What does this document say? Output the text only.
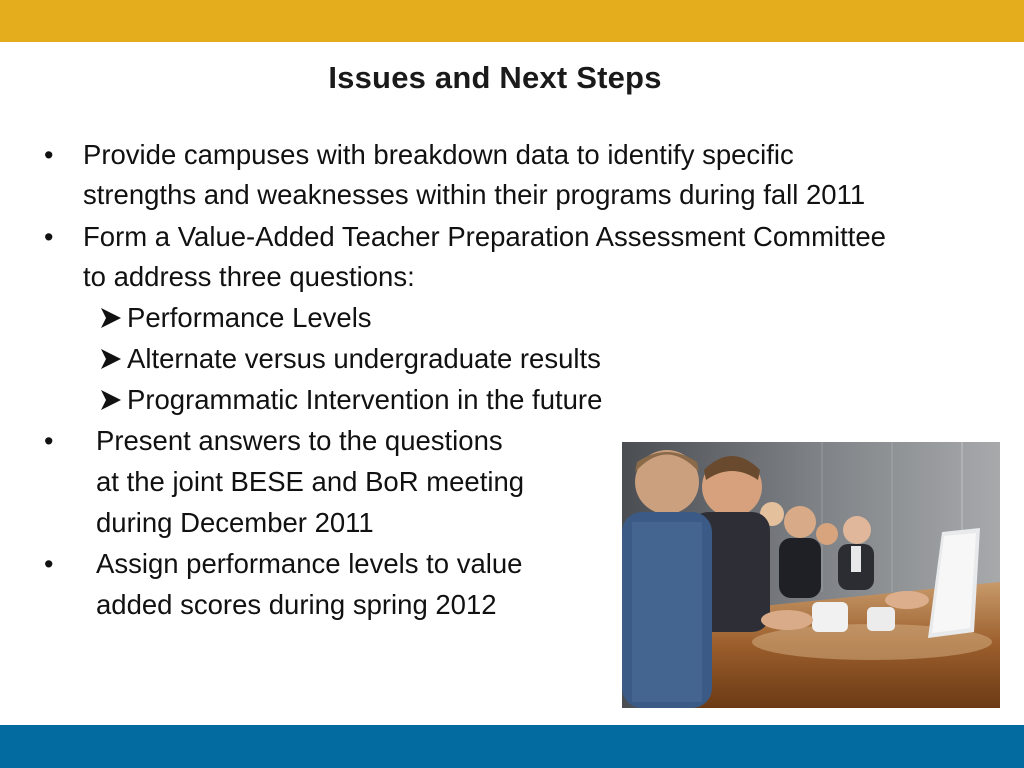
Issues and Next Steps
• Provide campuses with breakdown data to identify specific
strengths and weaknesses within their programs during fall 2011
• Form a Value-Added Teacher Preparation Assessment Committee
to address three questions:
Performance Levels
Alternate versus undergraduate results
Programmatic Intervention in the future
• Present answers to the questions
at the joint BESE and BoR meeting
during December 2011
• Assign performance levels to value
added scores during spring 2012
